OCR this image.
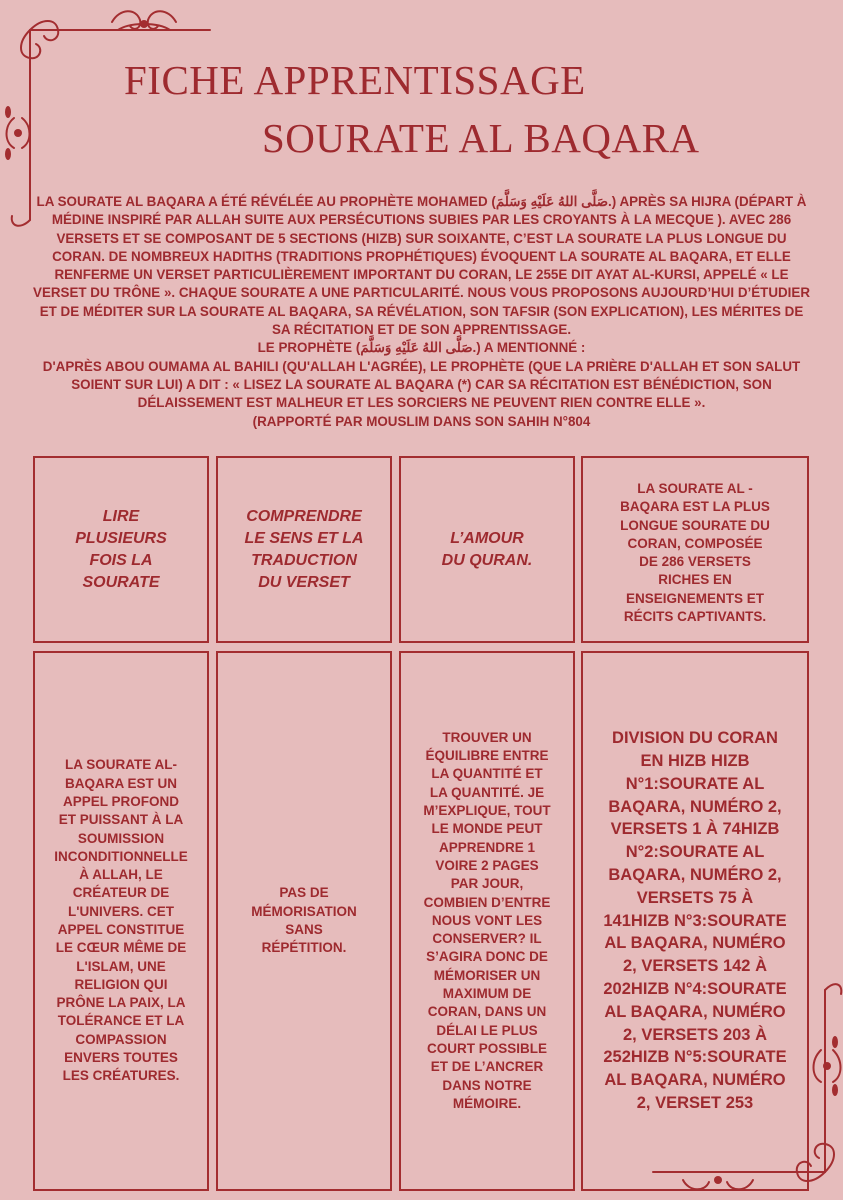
FICHE APPRENTISSAGE
SOURATE AL BAQARA

LA SOURATE AL BAQARA A ÉTÉ RÉVÉLÉE AU PROPHÈTE MOHAMED (صَلَّى اللهُ عَلَيْهِ وَسَلَّمَ.) APRÈS SA HIJRA (DÉPART À MÉDINE INSPIRÉ PAR ALLAH SUITE AUX PERSÉCUTIONS SUBIES PAR LES CROYANTS À LA MECQUE ). AVEC 286 VERSETS ET SE COMPOSANT DE 5 SECTIONS (HIZB) SUR SOIXANTE, C’EST LA SOURATE LA PLUS LONGUE DU CORAN. DE NOMBREUX HADITHS (TRADITIONS PROPHÉTIQUES) ÉVOQUENT LA SOURATE AL BAQARA, ET ELLE RENFERME UN VERSET PARTICULIÈREMENT IMPORTANT DU CORAN, LE 255E DIT AYAT AL-KURSI, APPELÉ « LE VERSET DU TRÔNE ». CHAQUE SOURATE A UNE PARTICULARITÉ. NOUS VOUS PROPOSONS AUJOURD’HUI D’ÉTUDIER ET DE MÉDITER SUR LA SOURATE AL BAQARA, SA RÉVÉLATION, SON TAFSIR (SON EXPLICATION), LES MÉRITES DE SA RÉCITATION ET DE SON APPRENTISSAGE.

LE PROPHÈTE (صَلَّى اللهُ عَلَيْهِ وَسَلَّمَ.) A MENTIONNÉ :

D'APRÈS ABOU OUMAMA AL BAHILI (QU'ALLAH L'AGRÉE), LE PROPHÈTE (QUE LA PRIÈRE D'ALLAH ET SON SALUT SOIENT SUR LUI) A DIT : « LISEZ LA SOURATE AL BAQARA (*) CAR SA RÉCITATION EST BÉNÉDICTION, SON DÉLAISSEMENT EST MALHEUR ET LES SORCIERS NE PEUVENT RIEN CONTRE ELLE ».

(RAPPORTÉ PAR MOUSLIM DANS SON SAHIH N°804

LIRE PLUSIEURS FOIS LA SOURATE
COMPRENDRE LE SENS ET LA TRADUCTION DU VERSET
L’AMOUR DU QURAN.
LA SOURATE AL - BAQARA EST LA PLUS LONGUE SOURATE DU CORAN, COMPOSÉE DE 286 VERSETS RICHES EN ENSEIGNEMENTS ET RÉCITS CAPTIVANTS.
LA SOURATE AL-BAQARA EST UN APPEL PROFOND ET PUISSANT À LA SOUMISSION INCONDITIONNELLE À ALLAH, LE CRÉATEUR DE L'UNIVERS. CET APPEL CONSTITUE LE CŒUR MÊME DE L'ISLAM, UNE RELIGION QUI PRÔNE LA PAIX, LA TOLÉRANCE ET LA COMPASSION ENVERS TOUTES LES CRÉATURES.
PAS DE MÉMORISATION SANS RÉPÉTITION.
TROUVER UN ÉQUILIBRE ENTRE LA QUANTITÉ ET LA QUANTITÉ. JE M’EXPLIQUE, TOUT LE MONDE PEUT APPRENDRE 1 VOIRE 2 PAGES PAR JOUR, COMBIEN D’ENTRE NOUS VONT LES CONSERVER? IL S’AGIRA DONC DE MÉMORISER UN MAXIMUM DE CORAN, DANS UN DÉLAI LE PLUS COURT POSSIBLE ET DE L’ANCRER DANS NOTRE MÉMOIRE.
DIVISION DU CORAN EN HIZB HIZB N°1:SOURATE AL BAQARA, NUMÉRO 2, VERSETS 1 À 74HIZB N°2:SOURATE AL BAQARA, NUMÉRO 2, VERSETS 75 À 141HIZB N°3:SOURATE AL BAQARA, NUMÉRO 2, VERSETS 142 À 202HIZB N°4:SOURATE AL BAQARA, NUMÉRO 2, VERSETS 203 À 252HIZB N°5:SOURATE AL BAQARA, NUMÉRO 2, VERSET 253
